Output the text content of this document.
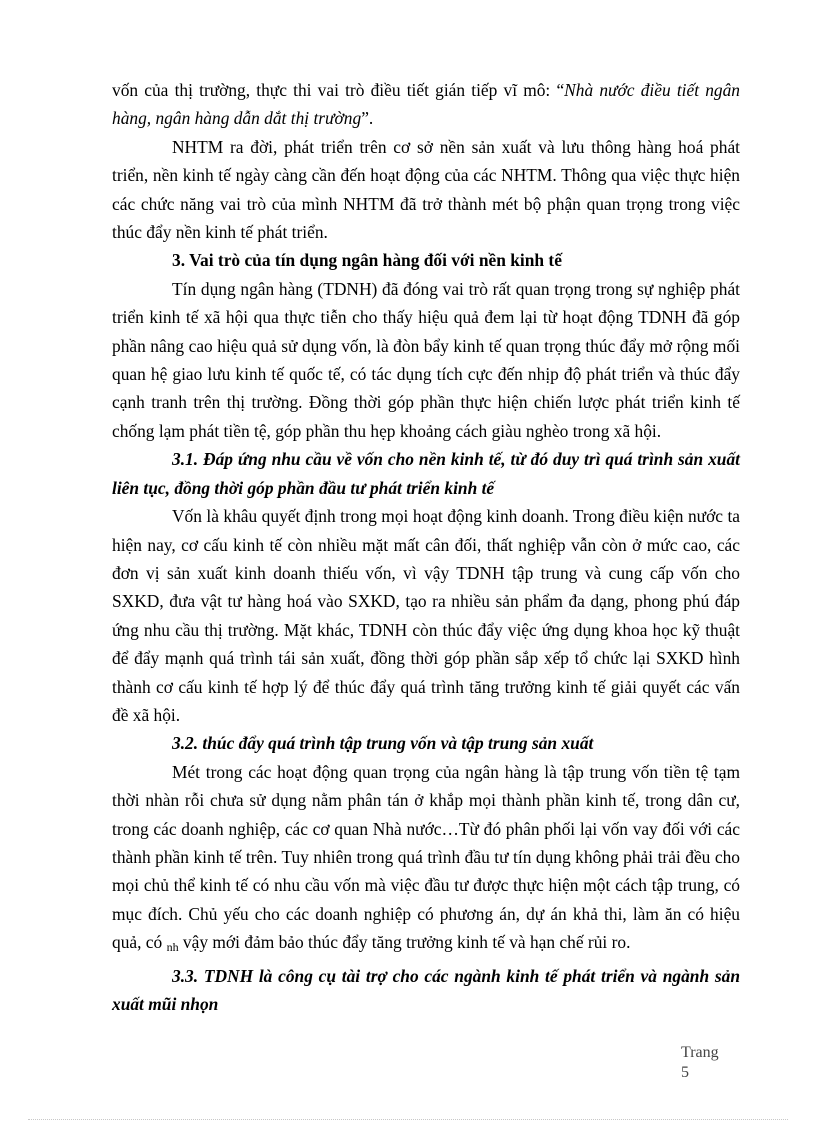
vốn của thị trường, thực thi vai trò điều tiết gián tiếp vĩ mô: “Nhà nước điều tiết ngân hàng, ngân hàng dẫn dắt thị trường”.

NHTM ra đời, phát triển trên cơ sở nền sản xuất và lưu thông hàng hoá phát triển, nền kinh tế ngày càng cần đến hoạt động của các NHTM. Thông qua việc thực hiện các chức năng vai trò của mình NHTM đã trở thành mét bộ phận quan trọng trong việc thúc đẩy nền kinh tế phát triển.

3. Vai trò của tín dụng ngân hàng đối với nền kinh tế

Tín dụng ngân hàng (TDNH) đã đóng vai trò rất quan trọng trong sự nghiệp phát triển kinh tế xã hội qua thực tiễn cho thấy hiệu quả đem lại từ hoạt động TDNH đã góp phần nâng cao hiệu quả sử dụng vốn, là đòn bẩy kinh tế quan trọng thúc đẩy mở rộng mối quan hệ giao lưu kinh tế quốc tế, có tác dụng tích cực đến nhịp độ phát triển và thúc đẩy cạnh tranh trên thị trường. Đồng thời góp phần thực hiện chiến lược phát triển kinh tế chống lạm phát tiền tệ, góp phần thu hẹp khoảng cách giàu nghèo trong xã hội.

3.1. Đáp ứng nhu cầu về vốn cho nền kinh tế, từ đó duy trì quá trình sản xuất liên tục, đồng thời góp phần đầu tư phát triển kinh tế

Vốn là khâu quyết định trong mọi hoạt động kinh doanh. Trong điều kiện nước ta hiện nay, cơ cấu kinh tế còn nhiều mặt mất cân đối, thất nghiệp vẫn còn ở mức cao, các đơn vị sản xuất kinh doanh thiếu vốn, vì vậy TDNH tập trung và cung cấp vốn cho SXKD, đưa vật tư hàng hoá vào SXKD, tạo ra nhiều sản phẩm đa dạng, phong phú đáp ứng nhu cầu thị trường. Mặt khác, TDNH còn thúc đẩy việc ứng dụng khoa học kỹ thuật để đẩy mạnh quá trình tái sản xuất, đồng thời góp phần sắp xếp tổ chức lại SXKD hình thành cơ cấu kinh tế hợp lý để thúc đẩy quá trình tăng trưởng kinh tế giải quyết các vấn đề xã hội.

3.2. thúc đẩy quá trình tập trung vốn và tập trung sản xuất

Mét trong các hoạt động quan trọng của ngân hàng là tập trung vốn tiền tệ tạm thời nhàn rỗi chưa sử dụng nằm phân tán ở khắp mọi thành phần kinh tế, trong dân cư, trong các doanh nghiệp, các cơ quan Nhà nước…Từ đó phân phối lại vốn vay đối với các thành phần kinh tế trên. Tuy nhiên trong quá trình đầu tư tín dụng không phải trải đều cho mọi chủ thể kinh tế có nhu cầu vốn mà việc đầu tư được thực hiện một cách tập trung, có mục đích. Chủ yếu cho các doanh nghiệp có phương án, dự án khả thi, làm ăn có hiệu quả, có nh vậy mới đảm bảo thúc đẩy tăng trưởng kinh tế và hạn chế rủi ro.

3.3. TDNH là công cụ tài trợ cho các ngành kinh tế phát triển và ngành sản xuất mũi nhọn

Trang
5
